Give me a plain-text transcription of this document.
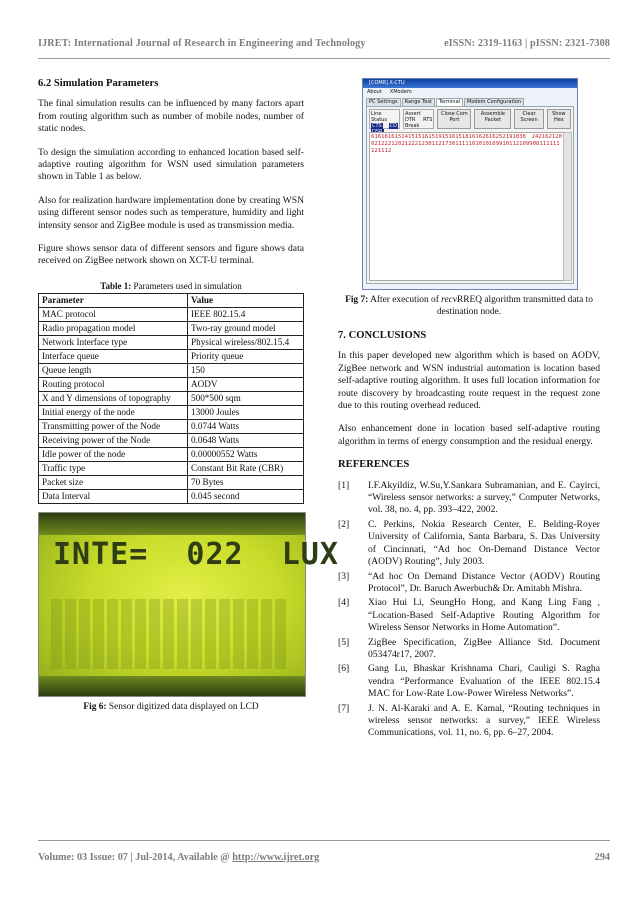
IJRET: International Journal of Research in Engineering and Technology	eISSN: 2319-1163 | pISSN: 2321-7308
6.2 Simulation Parameters

The final simulation results can be influenced by many factors apart from routing algorithm such as number of mobile nodes, number of static nodes.

To design the simulation according to enhanced location based self-adaptive routing algorithm for WSN used simulation parameters shown in Table 1 as below.

Also for realization hardware implementation done by creating WSN using different sensor nodes such as temperature, humidity and light intensity sensor and ZigBee module is used as transmission media.

Figure shows sensor data of different sensors and figure shows data received on ZigBee network shown on XCT-U terminal.

Table 1: Parameters used in simulation
Parameter	Value
MAC protocol	IEEE 802.15.4
Radio propagation model	Two-ray ground model
Network Interface type	Physical wireless/802.15.4
Interface queue	Priority queue
Queue length	150
Routing protocol	AODV
X and Y dimensions of topography	500*500 sqm
Initial energy of the node	13000 Joules
Transmitting power of the Node	0.0744 Watts
Receiving power of the Node	0.0648 Watts
Idle power of the node	0.00000552 Watts
Traffic type	Constant Bit Rate (CBR)
Packet size	70 Bytes
Data Interval	0.045 second
INTE=  022  LUX
Fig 6: Sensor digitized data displayed on LCD
[COM8] X-CTU
About XModem
PC Settings	Range Test	Terminal	Modem Configuration
Line Status
CTS CD
Assert
DTR RTS Break
Close Com Port
Assemble Packet
Clear Screen
Show Hex
6161616151415151615191516151816162616252191038 24216212002122212021222123011217301111101010109910112109908111111121112
Fig 7: After execution of recvRREQ algorithm transmitted data to destination node.
7. CONCLUSIONS

In this paper developed new algorithm which is based on AODV, ZigBee network and WSN industrial automation is location based self-adaptive routing algorithm. It uses full location information for route discovery by broadcasting route request in the request zone due to this routing overhead reduced.

Also enhancement done in location based self-adaptive routing algorithm in terms of energy consumption and the residual energy.

REFERENCES
[1]	I.F.Akyildiz, W.Su,Y.Sankara Subramanian, and E. Cayirci, “Wireless sensor networks: a survey,” Computer Networks, vol. 38, no. 4, pp. 393–422, 2002.
[2]	C. Perkins, Nokia Research Center, E. Belding-Royer University of California, Santa Barbara, S. Das University of Cincinnati, “Ad hoc On-Demand Distance Vector (AODV) Routing”, July 2003.
[3]	“Ad hoc On Demand Distance Vector (AODV) Routing Protocol”, Dr. Baruch Awerbuch& Dr. Amitabh Mishra.
[4]	Xiao Hui Li, SeungHo Hong, and Kang Ling Fang , “Location-Based Self-Adaptive Routing Algorithm for Wireless Sensor Networks in Home Automation”.
[5]	ZigBee Specification, ZigBee Alliance Std. Document 053474r17, 2007.
[6]	Gang Lu, Bhaskar Krishnama Chari, Cauligi S. Ragha vendra “Performance Evaluation of the IEEE 802.15.4 MAC for Low-Rate Low-Power Wireless Networks”.
[7]	J. N. Al-Karaki and A. E. Kamal, “Routing techniques in wireless sensor networks: a survey,” IEEE Wireless Communications, vol. 11, no. 6, pp. 6–27, 2004.
Volume: 03 Issue: 07 | Jul-2014, Available @ http://www.ijret.org	294
